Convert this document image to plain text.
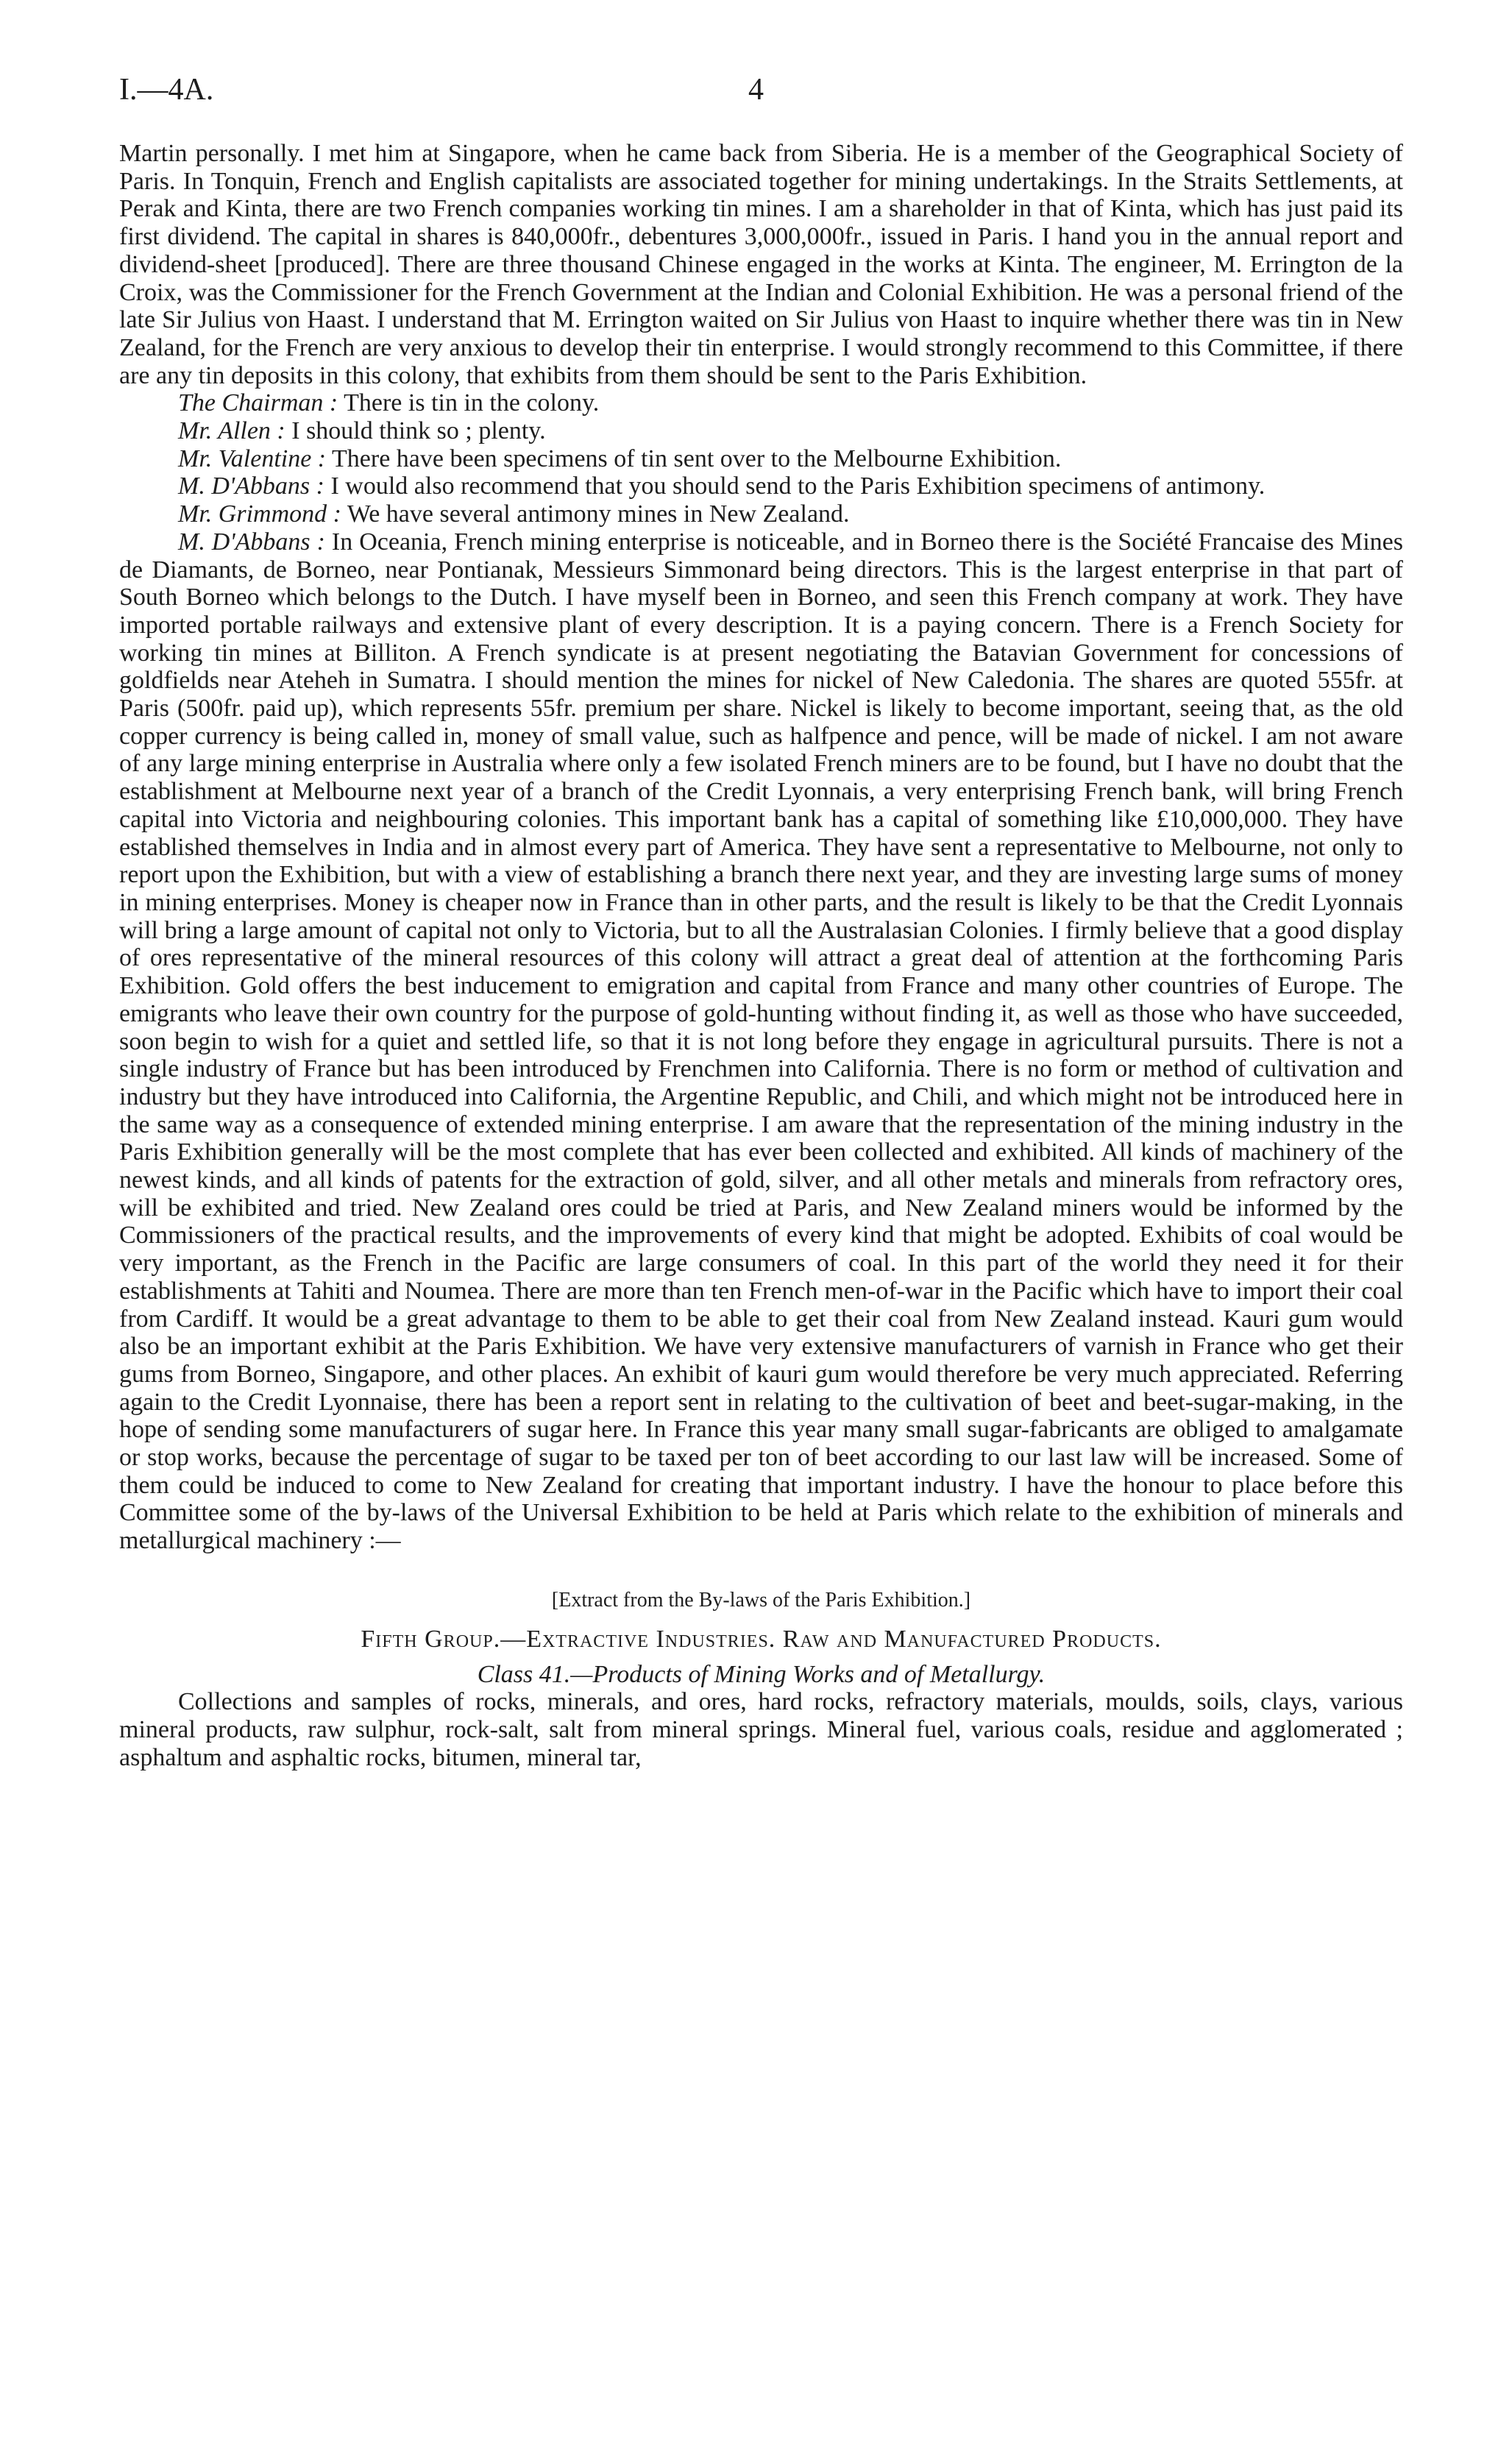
I.—4A.	4

Martin personally. I met him at Singapore, when he came back from Siberia. He is a member of the Geographical Society of Paris. In Tonquin, French and English capitalists are associated together for mining undertakings. In the Straits Settlements, at Perak and Kinta, there are two French companies working tin mines. I am a shareholder in that of Kinta, which has just paid its first dividend. The capital in shares is 840,000fr., debentures 3,000,000fr., issued in Paris. I hand you in the annual report and dividend-sheet [produced]. There are three thousand Chinese engaged in the works at Kinta. The engineer, M. Errington de la Croix, was the Commissioner for the French Government at the Indian and Colonial Exhibition. He was a personal friend of the late Sir Julius von Haast. I understand that M. Errington waited on Sir Julius von Haast to inquire whether there was tin in New Zealand, for the French are very anxious to develop their tin enterprise. I would strongly recommend to this Committee, if there are any tin deposits in this colony, that exhibits from them should be sent to the Paris Exhibition.

The Chairman : There is tin in the colony.

Mr. Allen : I should think so ; plenty.

Mr. Valentine : There have been specimens of tin sent over to the Melbourne Exhibition.

M. D'Abbans : I would also recommend that you should send to the Paris Exhibition specimens of antimony.

Mr. Grimmond : We have several antimony mines in New Zealand.

M. D'Abbans : In Oceania, French mining enterprise is noticeable, and in Borneo there is the Société Francaise des Mines de Diamants, de Borneo, near Pontianak, Messieurs Simmonard being directors. This is the largest enterprise in that part of South Borneo which belongs to the Dutch. I have myself been in Borneo, and seen this French company at work. They have imported portable railways and extensive plant of every description. It is a paying concern. There is a French Society for working tin mines at Billiton. A French syndicate is at present negotiating the Batavian Government for concessions of goldfields near Ateheh in Sumatra. I should mention the mines for nickel of New Caledonia. The shares are quoted 555fr. at Paris (500fr. paid up), which represents 55fr. premium per share. Nickel is likely to become important, seeing that, as the old copper currency is being called in, money of small value, such as halfpence and pence, will be made of nickel. I am not aware of any large mining enterprise in Australia where only a few isolated French miners are to be found, but I have no doubt that the establishment at Melbourne next year of a branch of the Credit Lyonnais, a very enterprising French bank, will bring French capital into Victoria and neighbouring colonies. This important bank has a capital of something like £10,000,000. They have established themselves in India and in almost every part of America. They have sent a representative to Melbourne, not only to report upon the Exhibition, but with a view of establishing a branch there next year, and they are investing large sums of money in mining enterprises. Money is cheaper now in France than in other parts, and the result is likely to be that the Credit Lyonnais will bring a large amount of capital not only to Victoria, but to all the Australasian Colonies. I firmly believe that a good display of ores representative of the mineral resources of this colony will attract a great deal of attention at the forthcoming Paris Exhibition. Gold offers the best inducement to emigration and capital from France and many other countries of Europe. The emigrants who leave their own country for the purpose of gold-hunting without finding it, as well as those who have succeeded, soon begin to wish for a quiet and settled life, so that it is not long before they engage in agricultural pursuits. There is not a single industry of France but has been introduced by Frenchmen into California. There is no form or method of cultivation and industry but they have introduced into California, the Argentine Republic, and Chili, and which might not be introduced here in the same way as a consequence of extended mining enterprise. I am aware that the representation of the mining industry in the Paris Exhibition generally will be the most complete that has ever been collected and exhibited. All kinds of machinery of the newest kinds, and all kinds of patents for the extraction of gold, silver, and all other metals and minerals from refractory ores, will be exhibited and tried. New Zealand ores could be tried at Paris, and New Zealand miners would be informed by the Commissioners of the practical results, and the improvements of every kind that might be adopted. Exhibits of coal would be very important, as the French in the Pacific are large consumers of coal. In this part of the world they need it for their establishments at Tahiti and Noumea. There are more than ten French men-of-war in the Pacific which have to import their coal from Cardiff. It would be a great advantage to them to be able to get their coal from New Zealand instead. Kauri gum would also be an important exhibit at the Paris Exhibition. We have very extensive manufacturers of varnish in France who get their gums from Borneo, Singapore, and other places. An exhibit of kauri gum would therefore be very much appreciated. Referring again to the Credit Lyonnaise, there has been a report sent in relating to the cultivation of beet and beet-sugar-making, in the hope of sending some manufacturers of sugar here. In France this year many small sugar-fabricants are obliged to amalgamate or stop works, because the percentage of sugar to be taxed per ton of beet according to our last law will be increased. Some of them could be induced to come to New Zealand for creating that important industry. I have the honour to place before this Committee some of the by-laws of the Universal Exhibition to be held at Paris which relate to the exhibition of minerals and metallurgical machinery :—

[Extract from the By-laws of the Paris Exhibition.]
Fifth Group.—Extractive Industries. Raw and Manufactured Products.
Class 41.—Products of Mining Works and of Metallurgy.

Collections and samples of rocks, minerals, and ores, hard rocks, refractory materials, moulds, soils, clays, various mineral products, raw sulphur, rock-salt, salt from mineral springs. Mineral fuel, various coals, residue and agglomerated ; asphaltum and asphaltic rocks, bitumen, mineral tar,
